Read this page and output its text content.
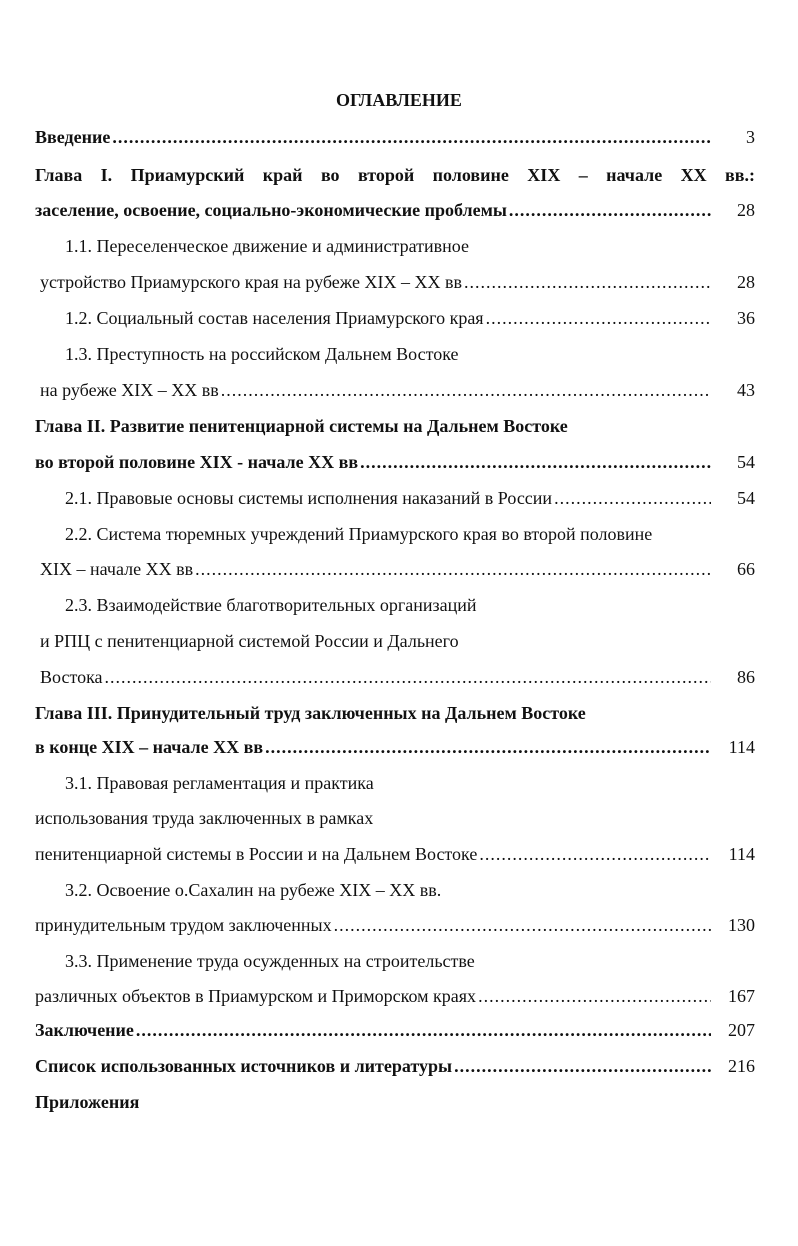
ОГЛАВЛЕНИЕ
Введение .....	3
Глава I. Приамурский край во второй половине XIX – начале XX вв.:
заселение, освоение, социально-экономические проблемы .....	28
1.1. Переселенческое движение и административное
устройство Приамурского края на рубеже XIX – XX вв .....	28
1.2. Социальный состав населения Приамурского края .....	36
1.3. Преступность на российском Дальнем Востоке
на рубеже XIX – XX вв .....	43
Глава II. Развитие пенитенциарной системы на Дальнем Востоке
во второй половине XIX - начале XX вв .....	54
2.1. Правовые основы системы исполнения наказаний в России .....	54
2.2. Система тюремных учреждений Приамурского края во второй половине
XIX – начале XX вв .....	66
2.3. Взаимодействие благотворительных организаций
и РПЦ с пенитенциарной системой России и Дальнего
Востока .....	86
Глава III. Принудительный труд заключенных на Дальнем Востоке
в конце XIX – начале XX вв .....	114
3.1. Правовая регламентация и практика
использования труда заключенных в рамках
пенитенциарной системы в России и на Дальнем Востоке .....	114
3.2. Освоение о.Сахалин на рубеже XIX – XX вв.
принудительным трудом заключенных .....	130
3.3. Применение труда осужденных на строительстве
различных объектов в Приамурском и Приморском краях .....	167
Заключение .....	207
Список использованных источников и литературы .....	216
Приложения
